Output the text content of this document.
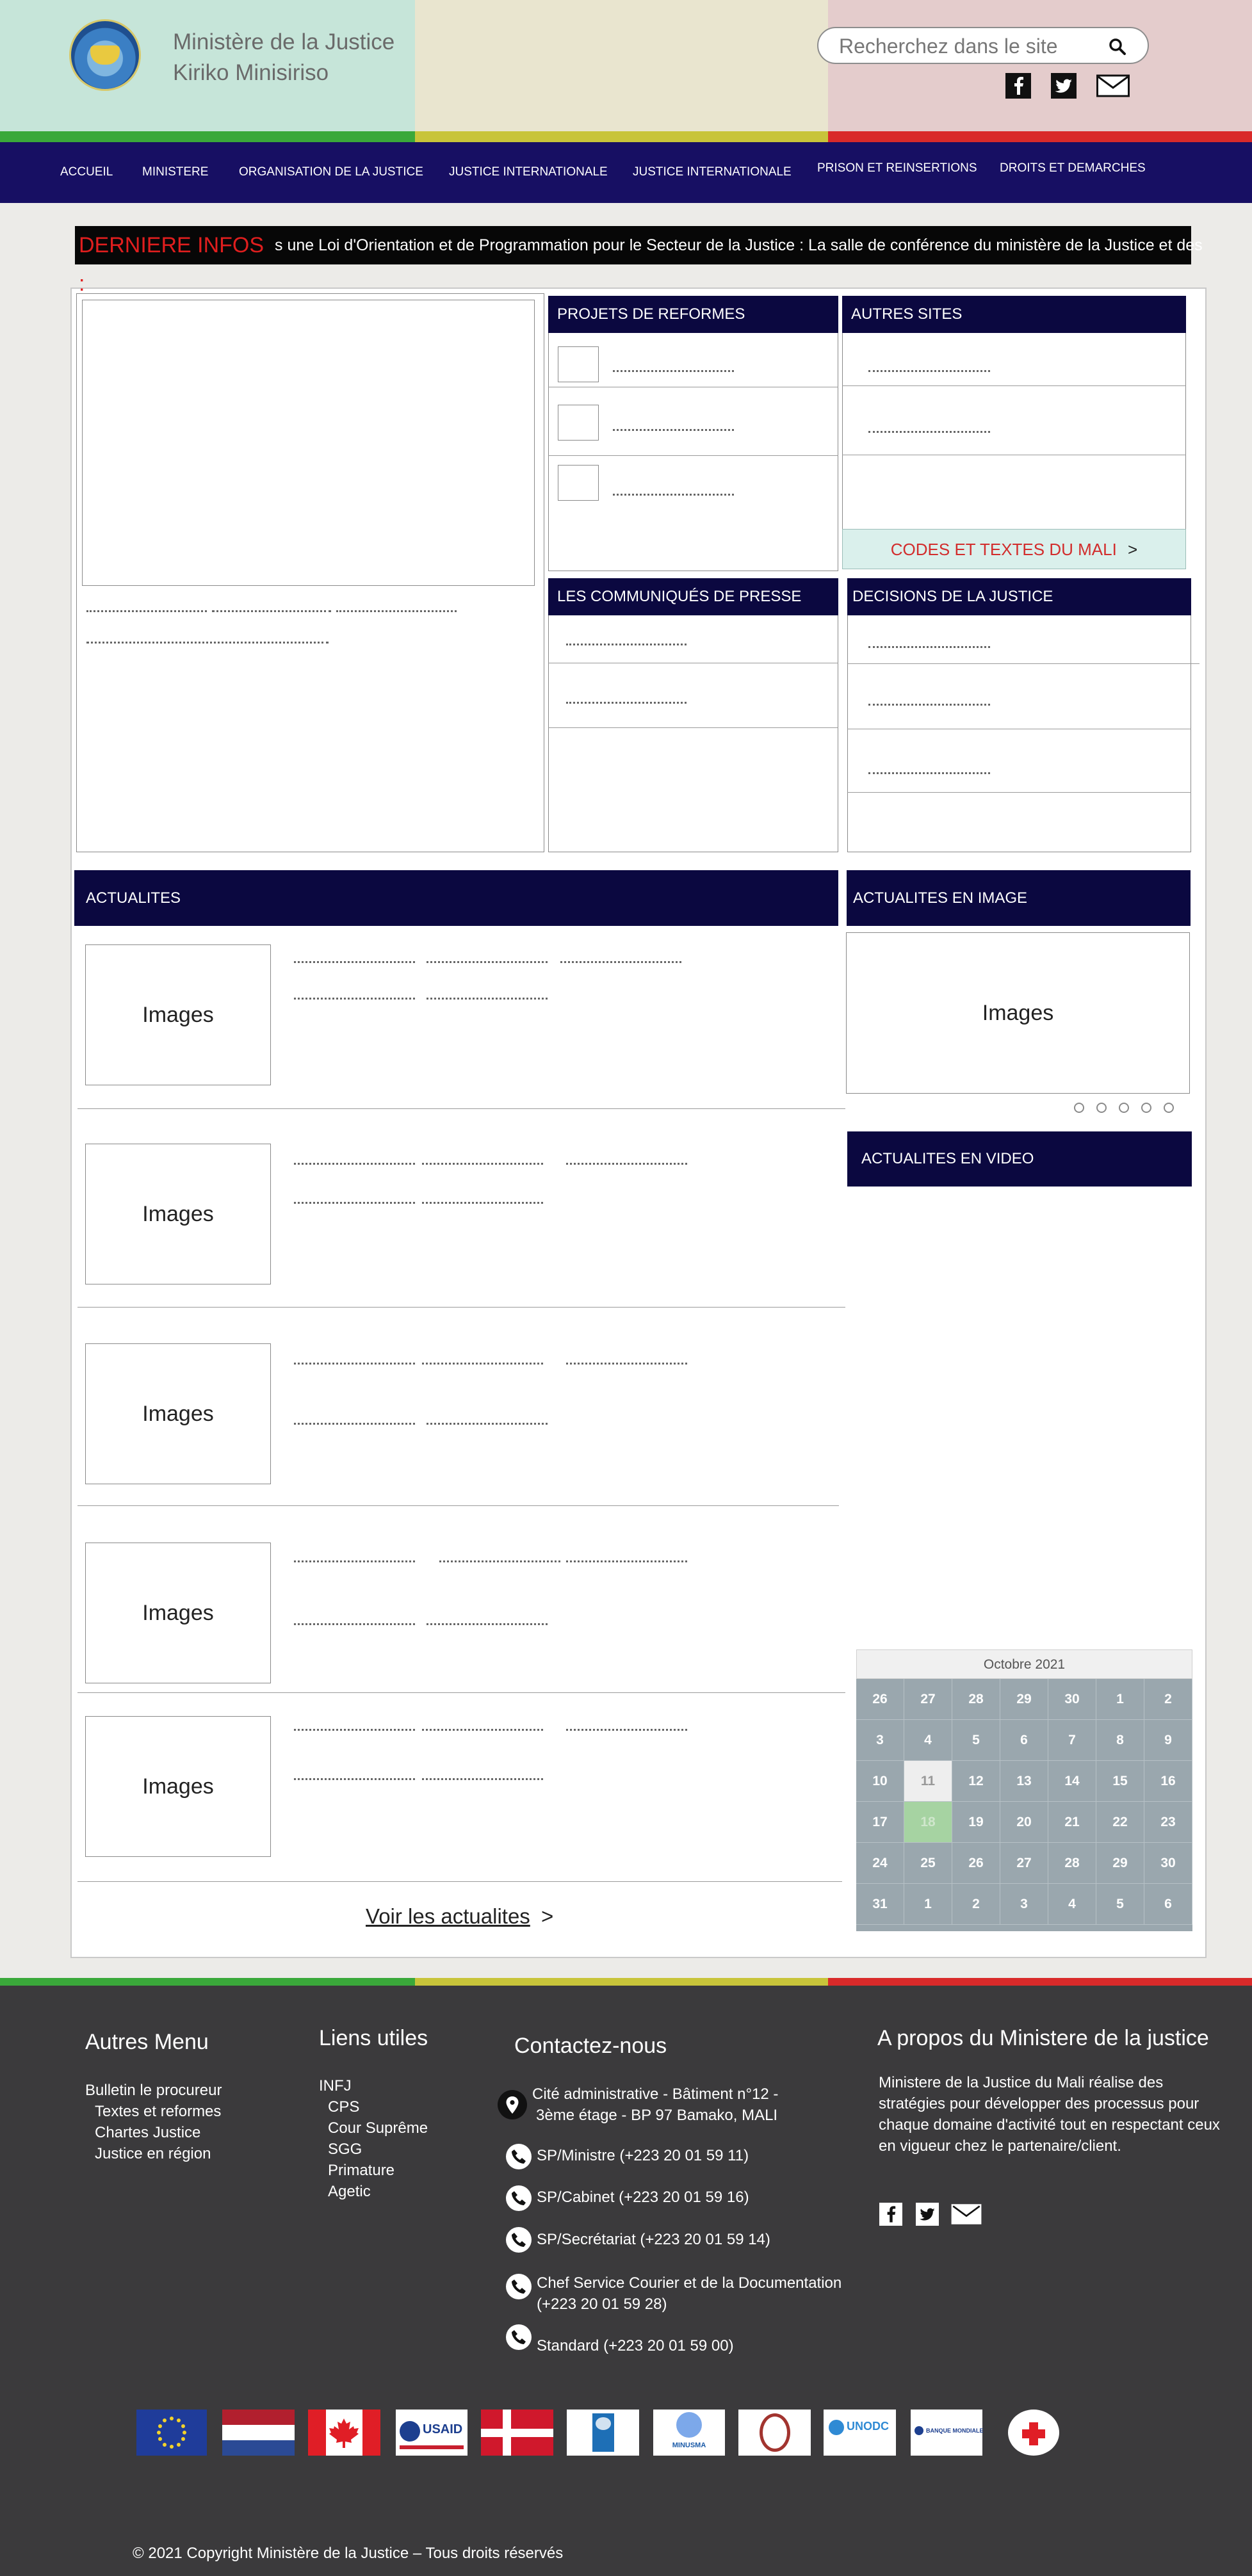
Ministère de la Justice
Kiriko Minisiriso
Recherchez dans le site
ACCUEIL MINISTERE	ORGANISATION DE LA JUSTICE JUSTICE INTERNATIONALE JUSTICE INTERNATIONALE PRISON ET REINSERTIONS DROITS ET DEMARCHES
DERNIERE INFOS :
s une Loi d'Orientation et de Programmation pour le Secteur de la Justice : La salle de conférence du ministère de la Justice et des
PROJETS DE REFORMES	AUTRES SITES
CODES ET TEXTES DU MALI >
LES COMMUNIQUÉS DE PRESSE	DECISIONS DE LA JUSTICE
ACTUALITES
Images
Images
Images
Images
Images
Voir les actualites >
ACTUALITES EN IMAGE
Images
ACTUALITES EN VIDEO
Octobre 2021
26	27	28	29	30	1	2
3	4	5	6	7	8	9
10	11	12	13	14	15	16
17	18	19	20	21	22	23
24	25	26	27	28	29	30
31	1	2	3	4	5	6
Autres Menu
Bulletin le procureur
Textes et reformes
Chartes Justice
Justice en région
Liens utiles
INFJ
CPS
Cour Suprême
SGG
Primature
Agetic
Contactez-nous
Cité administrative - Bâtiment n°12 -
3ème étage - BP 97 Bamako, MALI
SP/Ministre (+223 20 01 59 11)
SP/Cabinet (+223 20 01 59 16)
SP/Secrétariat (+223 20 01 59 14)
Chef Service Courier et de la Documentation
(+223 20 01 59 28)
Standard (+223 20 01 59 00)
A propos du Ministere de la justice
Ministere de la Justice du Mali réalise des stratégies pour développer des processus pour chaque domaine d'activité tout en respectant ceux en vigueur chez le partenaire/client.
USAID
MINUSMA
UNODC	BANQUE MONDIALE
© 2021 Copyright Ministère de la Justice – Tous droits réservés
